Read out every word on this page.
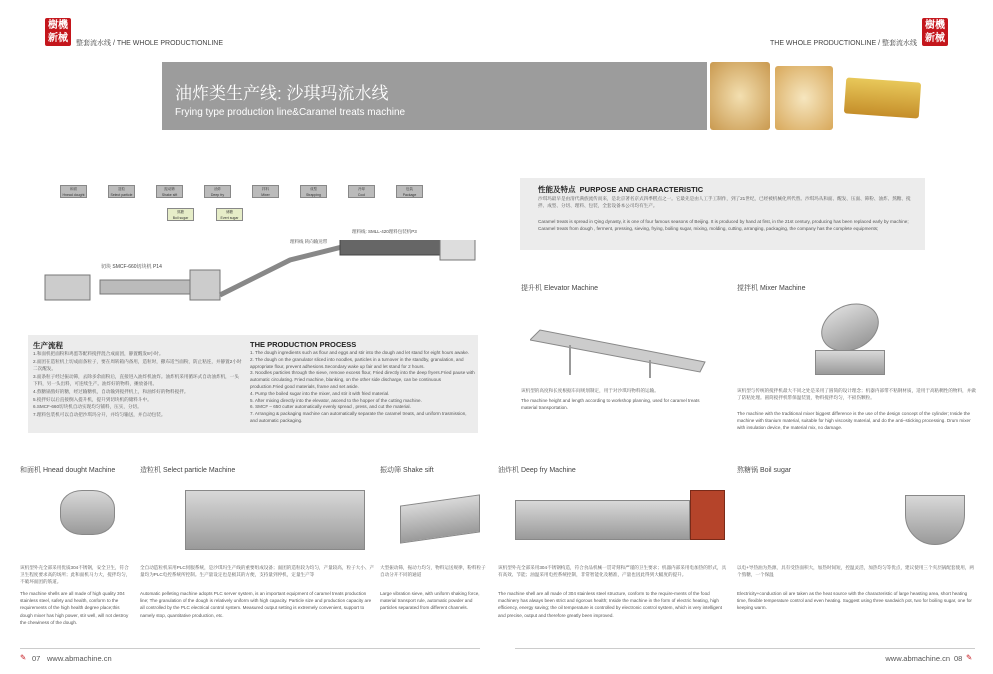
樹機
新械	整套流水线 / THE WHOLE PRODUCTIONLINE	THE WHOLE PRODUCTIONLINE / 整套流水线
樹機
新械
油炸类生产线: 沙琪玛流水线
Frying type production line&Caramel treats machine
和面
Hnead dought
造粒
Select particle
振动筛
Shake sift
油炸
Deep fry
拌料
Mixer
成型
Strapping
冷却
Cool
包装
Package
熬糖
Boil sugar
储糖
Evert sugar
切块 SMCF-660切块机 P14
理料线 转向输送带
理料线: SMLL-420理料包装机P3
性能及特点 PURPOSE AND CHARACTERISTIC
沙琪玛最早是由清代满族流传而来，是北京著名京式四季糕点之一。它最先是由人工手工制作，到了21世纪，已经被机械化所代替。沙琪玛从和面、醒发、压面、筛粉、油炸、熬糖、搅拌、成型、分切、理料、包装，全套设备本公司均有生产。
Caramel treats is spread in Qing dynasty, it is one of four famous seasons of Beijing. It is produced by hand at first, in the 21st century, producing has been replaced early by machine; Caramel treats from dough , ferment, pressing, sieving, frying, boiling sugar, mixing, molding, cutting, arranging, packaging, the company has the complete equipments;
生产流程
1.和面机把面粉和鸡蛋等配料搅拌混合成面团，静置醒发8小时。
2.面团在造粒机上切成面条粒子，要在周转箱内备用，造粒时，撒布适当面粉，防止粘连，并静置2小时二次醒发。
3.面条粒子经过振动筛，去除多余面粉后，直接进入油炸机油炸。油炸机采用循环式自动油炸机，一头下料，另一头出料，可连续生产。油炸好的物料，摊放备用。
4.熬糖锅熬好的糖，经过输糖机，自动输到搅拌机上，和油炸好的物料搅拌。
5.搅拌好以后直接倒入提升机，提升到切块机的储料斗中。
6.SMCF-660切块机自动实现均匀铺料，压实，分切。
7.理料包装机可以自动把沙琪玛分开，并均匀输送，并自动包装。
THE PRODUCTION PROCESS
1. The dough ingredients such as flour and eggs and stir into the dough and let stand for eight hours awake.
2. The dough on the granulator sliced into noodles, particles in a turnover in the standby, granulation, and appropriate flour, prevent adhesions.Secondary wake up fair and let stand for 2 hours.
3. Noodles particles through the sieve, remove excess flour, Fried directly into the deep fryers.Fried pause with automatic circulating. Fried machine, blanking, on the other side discharge, can be continuous production.Fried good materials, frame and set aside.
4. Pump the boiled sugar into the mixer, and stir it with fried material.
5. After mixing directly into the elevator, ascend to the hopper of the cutting machine.
6. SMCF – 650 cutter automatically evenly spread , press, and cut the material.
7. Arranging & packaging machine can automatically separate the caramel treats, and uniform trasmission, and automatic packaging.
提升机 Elevator Machine
该机型的高度和长度根据车间规划制定，用于对沙琪玛物料的运输。
The machine height and length according to workshop planning, used for caramel treats material transportation.
搅拌机 Mixer Machine
该机型与传统的搅拌机最大不同之处是采用了圆筒的设计理念；机器内部带不粘钢材质，适用于高粘稠性的物料，并做了防粘处理。圆筒搅拌机带保温装置，物料搅拌均匀，不损伤颗粒。
The machine with the traditional mixer biggest difference is the use of the design concept of the cylinder; Inside the machine with titanium material, suitable for high viscosity material, and do the anti–sticking processing. Drum mixer with insulation device, the material mix, no damage.
和面机 Hnead dought Machine	造粒机 Select particle Machine	振动筛 Shake sift	油炸机 Deep fry Machine	熬糖锅 Boil sugar
该机型外壳全部采用优质304不锈钢，安全卫生，符合卫生程度要求高的场所；此和面机马力大，搅拌均匀，不破坏面团的筋道。
The machine shells are all made of high quality 304 stainless steel, safety and health, conform to the requirements of the high health degree place;this dough mixer has high power, stir well, will not destroy the chewiness of the dough.
全自动造粒机采用PLC伺服系统，是沙琪玛生产线的重要组成设备；面团的造粒较为均匀，产量较高，粒子大小、产量均为PLC电控系统所控制。生产量设定也是极其的方便，支持量到停机，定量生产等
Automatic pelleting machine adopts PLC server system, is an important equipment of caramel treats production line; The granulation of the dough is relatively uniform with high capacity. Particle size and production capacity are all controlled by the PLC electrical control system. Measured output setting is extremely convenient, support to namely stop, quantitative production, etc.
大型振动筛，振动力均匀，物料运送规律，粉料粒子自动分开不同的通道
Large vibration sieve, with uniform shaking force, material transport rule, automatic powder and particles separated from different channels.
该机型外壳全部采用304不锈钢构造，符合食品机械一贯苛刻和严谨的卫生要求；机器内部采用电加热的形式，具有高效、节能；油温采用电控系统控制，非常智能化及精准，产量也因此得到大幅度的提升。
The machine shell are all made of 304 stainless steel structure, conform to the require-ments of the food machinery has always been strict and rigorous health; Inside the machine in the form of electric heating, high efficiency, energy saving; the oil temperature is controlled by electronic control system, which is very intelligent and precise, output and therefore greatly been improved.
以电+导热油为热源，具有受热面积大，加热时间短，控温灵活，加热均匀等优点，建议使用三个夹层锅配套使用，两个熬糖，一个保温
Electricity+conduction oil are taken as the heat source with the characteristic of large heasting area, short heating time, flexible temperature control and even heating. Suggest using three sandwich pot, two for boiling sugar, one for keeping warm.
✎ 07 www.abmachine.cn	www.abmachine.cn 08 ✎
